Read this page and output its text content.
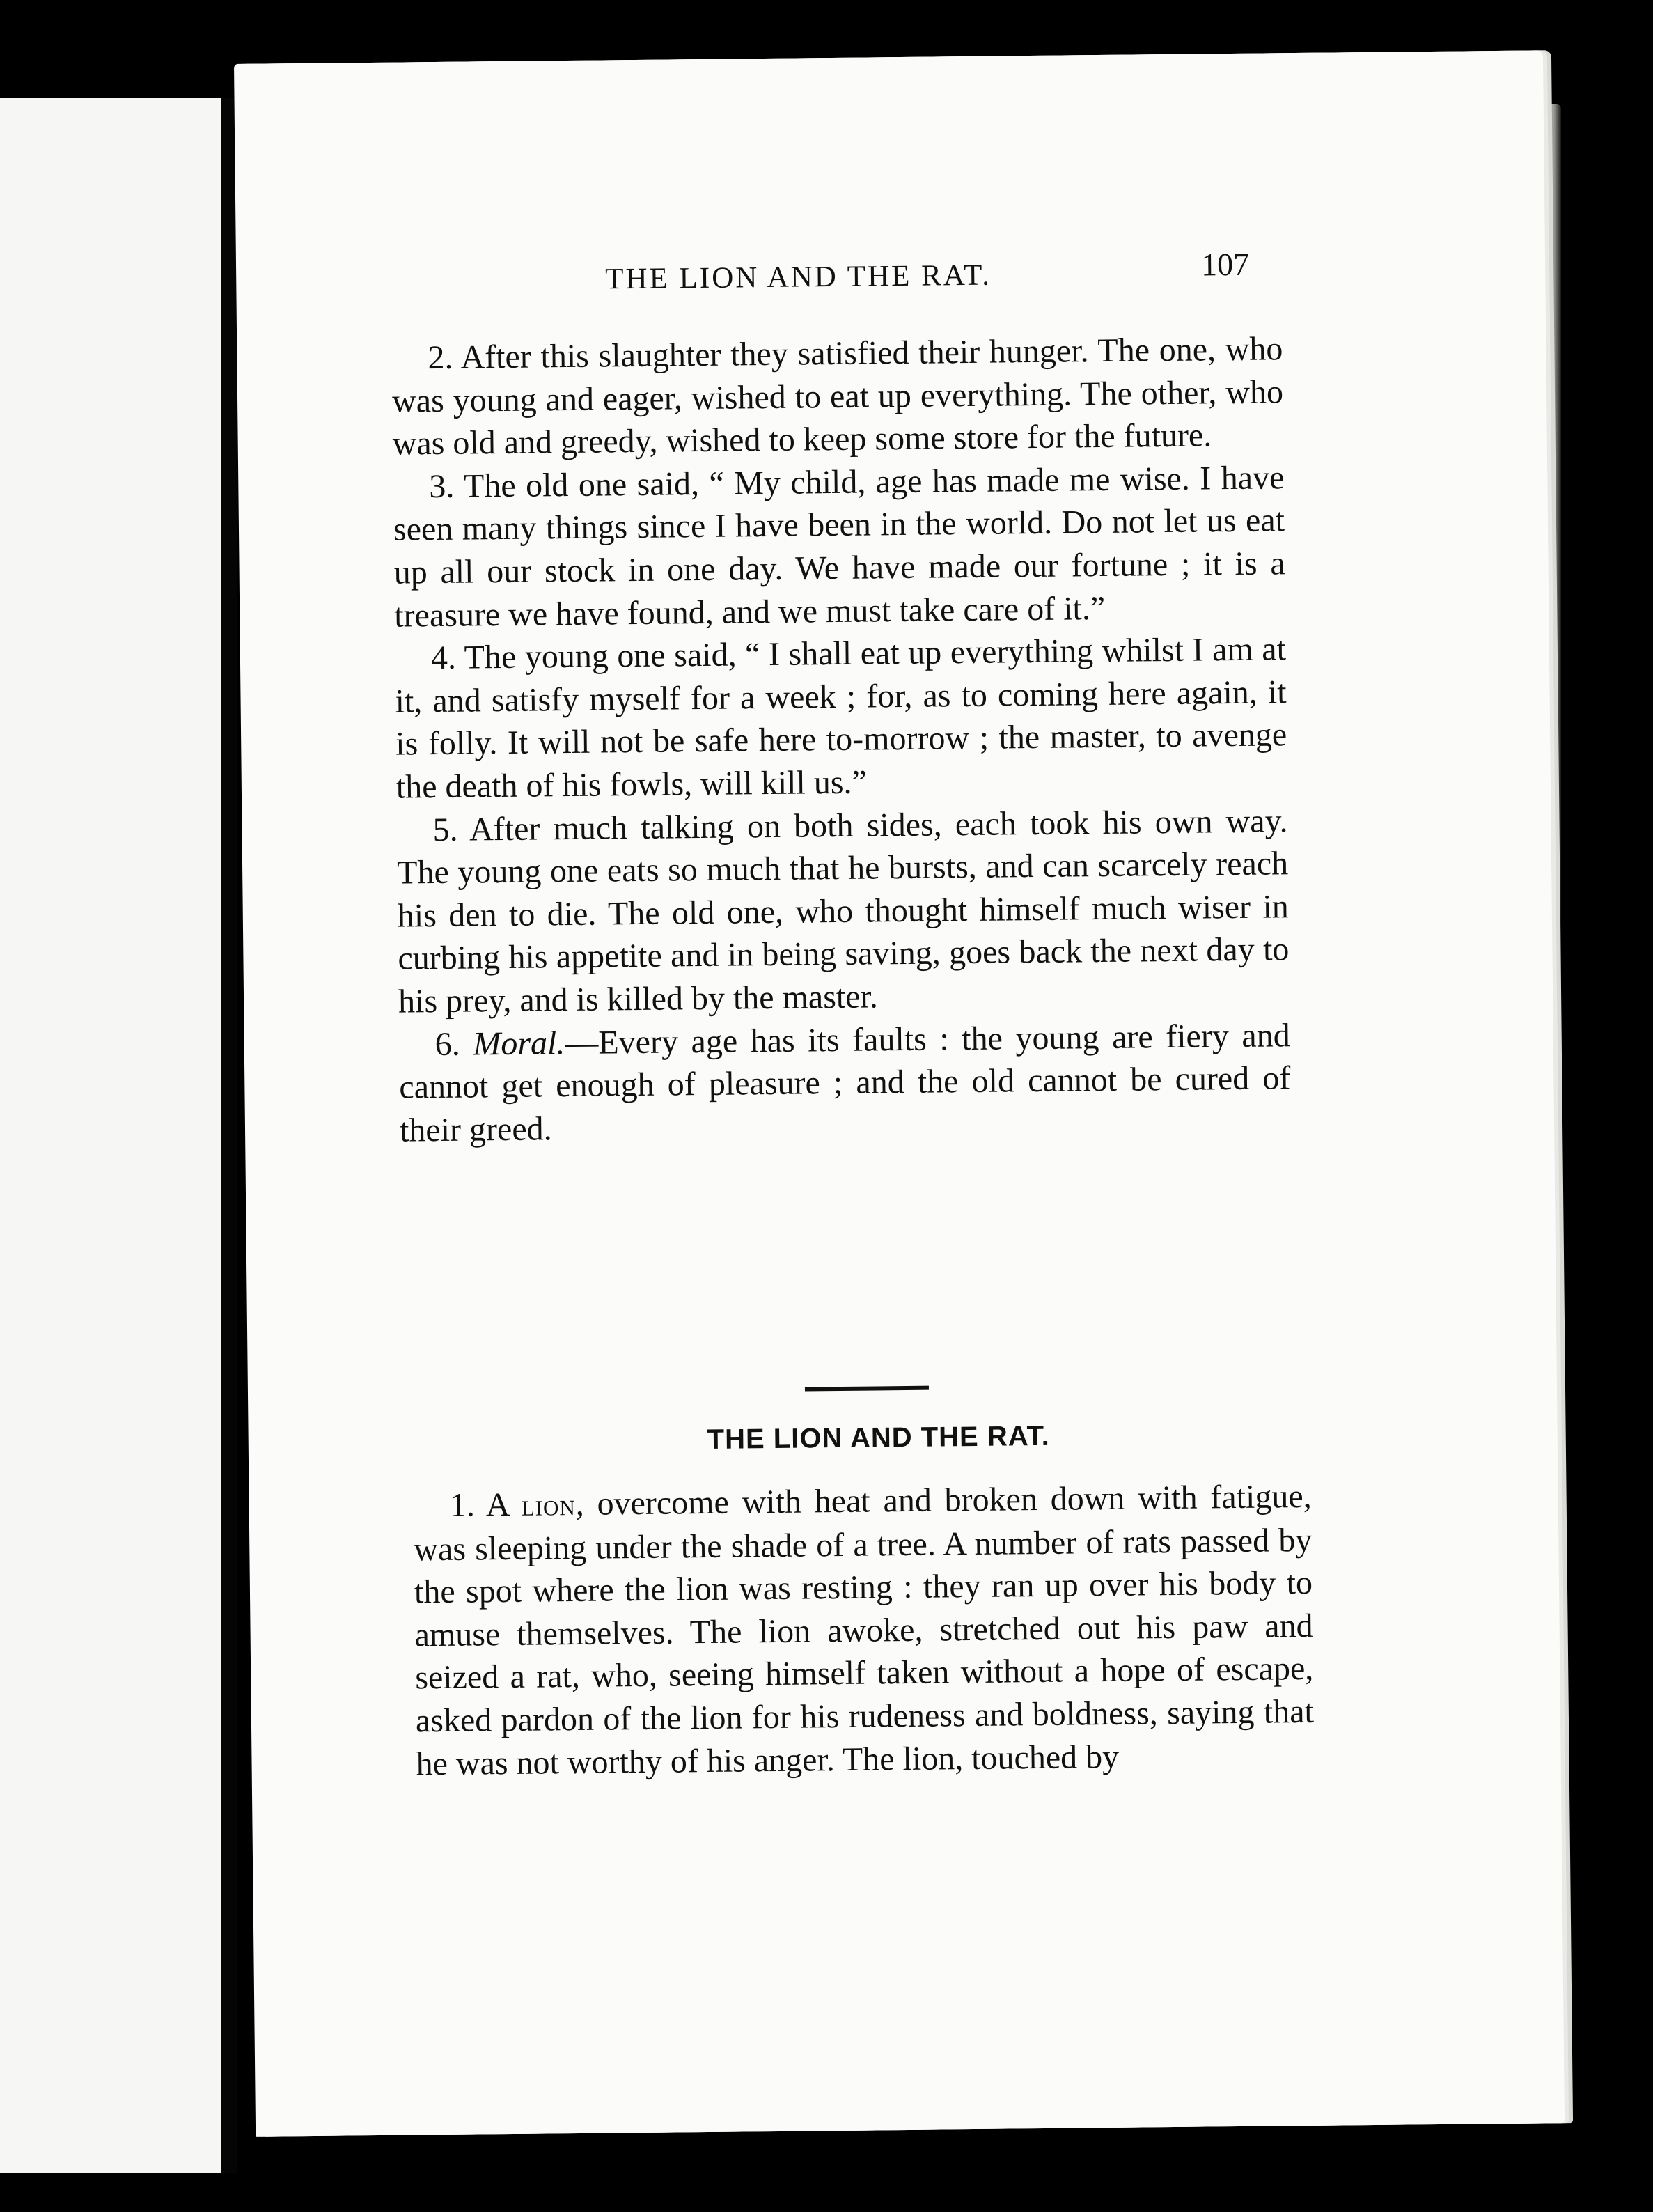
THE LION AND THE RAT.	107

2. After this slaughter they satisfied their hunger. The one, who was young and eager, wished to eat up everything. The other, who was old and greedy, wished to keep some store for the future.

3. The old one said, “ My child, age has made me wise. I have seen many things since I have been in the world. Do not let us eat up all our stock in one day. We have made our fortune ; it is a treasure we have found, and we must take care of it.”

4. The young one said, “ I shall eat up everything whilst I am at it, and satisfy myself for a week ; for, as to coming here again, it is folly. It will not be safe here to-morrow ; the master, to avenge the death of his fowls, will kill us.”

5. After much talking on both sides, each took his own way. The young one eats so much that he bursts, and can scarcely reach his den to die. The old one, who thought himself much wiser in curbing his appetite and in being saving, goes back the next day to his prey, and is killed by the master.

6. Moral.—Every age has its faults : the young are fiery and cannot get enough of pleasure ; and the old cannot be cured of their greed.

THE LION AND THE RAT.

1. A lion, overcome with heat and broken down with fatigue, was sleeping under the shade of a tree. A number of rats passed by the spot where the lion was resting : they ran up over his body to amuse themselves. The lion awoke, stretched out his paw and seized a rat, who, seeing himself taken without a hope of escape, asked pardon of the lion for his rudeness and boldness, saying that he was not worthy of his anger. The lion, touched by
